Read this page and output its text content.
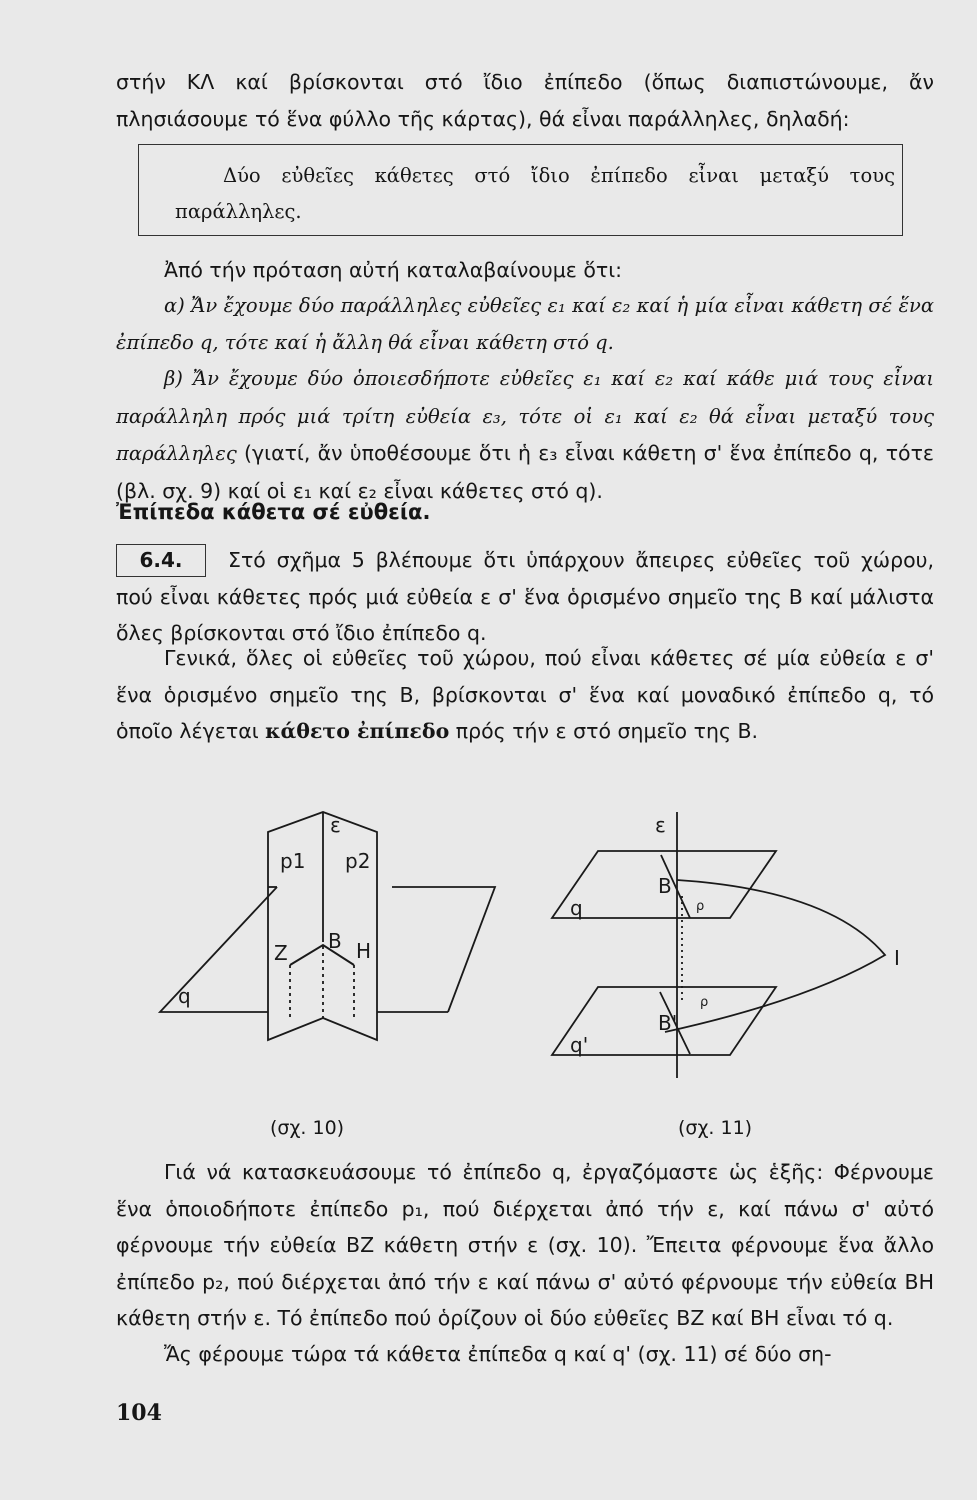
στήν ΚΛ καί βρίσκονται στό ἴδιο ἐπίπεδο (ὅπως διαπιστώνουμε, ἄν πλησιάσουμε τό ἕνα φύλλο τῆς κάρτας), θά εἶναι παράλληλες, δηλαδή:

Δύο εὐθεῖες κάθετες στό ἴδιο ἐπίπεδο εἶναι μεταξύ τους παράλληλες.

Ἀπό τήν πρόταση αὐτή καταλαβαίνουμε ὅτι:

α) Ἄν ἔχουμε δύο παράλληλες εὐθεῖες ε₁ καί ε₂ καί ἡ μία εἶναι κάθετη σέ ἕνα ἐπίπεδο q, τότε καί ἡ ἄλλη θά εἶναι κάθετη στό q.

β) Ἄν ἔχουμε δύο ὁποιεσδήποτε εὐθεῖες ε₁ καί ε₂ καί κάθε μιά τους εἶναι παράλληλη πρός μιά τρίτη εὐθεία ε₃, τότε οἱ ε₁ καί ε₂ θά εἶναι μεταξύ τους παράλληλες (γιατί, ἄν ὑποθέσουμε ὅτι ἡ ε₃ εἶναι κάθετη σ' ἕνα ἐπίπεδο q, τότε (βλ. σχ. 9) καί οἱ ε₁ καί ε₂ εἶναι κάθετες στό q).

Ἐπίπεδα κάθετα σέ εὐθεία.

6.4.	Στό σχῆμα 5 βλέπουμε ὅτι ὑπάρχουν ἄπειρες εὐθεῖες τοῦ χώρου, πού εἶναι κάθετες πρός μιά εὐθεία ε σ' ἕνα ὁρισμένο σημεῖο της Β καί μάλιστα ὅλες βρίσκονται στό ἴδιο ἐπίπεδο q.

Γενικά, ὅλες οἱ εὐθεῖες τοῦ χώρου, πού εἶναι κάθετες σέ μία εὐθεία ε σ' ἕνα ὁρισμένο σημεῖο της Β, βρίσκονται σ' ἕνα καί μοναδικό ἐπίπεδο q, τό ὁποῖο λέγεται κάθετο ἐπίπεδο πρός τήν ε στό σημεῖο της Β.

p1
ε
p2
Β
Ζ	Η
q
ε
Β
q
Β'
q'
Ι
ρ
ρ

(σχ. 10)	(σχ. 11)

Γιά νά κατασκευάσουμε τό ἐπίπεδο q, ἐργαζόμαστε ὡς ἑξῆς: Φέρνουμε ἕνα ὁποιοδήποτε ἐπίπεδο p₁, πού διέρχεται ἀπό τήν ε, καί πάνω σ' αὐτό φέρνουμε τήν εὐθεία ΒΖ κάθετη στήν ε (σχ. 10). Ἔπειτα φέρνουμε ἕνα ἄλλο ἐπίπεδο p₂, πού διέρχεται ἀπό τήν ε καί πάνω σ' αὐτό φέρνουμε τήν εὐθεία ΒΗ κάθετη στήν ε. Τό ἐπίπεδο πού ὁρίζουν οἱ δύο εὐθεῖες ΒΖ καί ΒΗ εἶναι τό q.

Ἄς φέρουμε τώρα τά κάθετα ἐπίπεδα q καί q' (σχ. 11) σέ δύο ση-

104
